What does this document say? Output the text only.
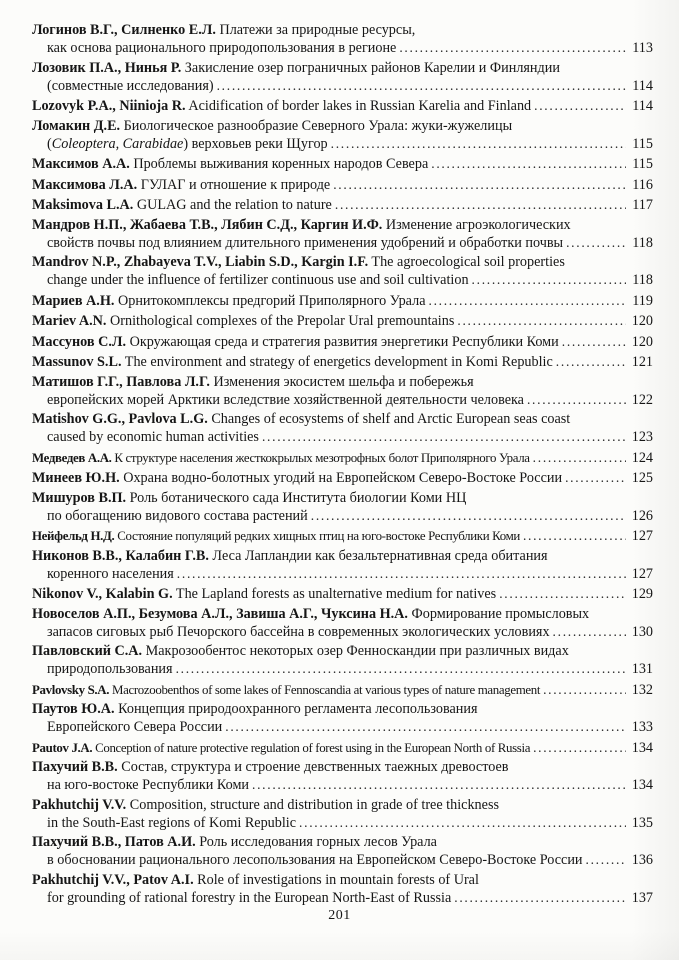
Логинов В.Г., Силненко Е.Л. Платежи за природные ресурсы,
как основа рационального природопользования в регионе .....	113
Лозовик П.А., Нинья Р. Закисление озер пограничных районов Карелии и Финляндии
(совместные исследования) .....	114
Lozovyk P.A., Niinioja R. Acidification of border lakes in Russian Karelia and Finland .....	114
Ломакин Д.Е. Биологическое разнообразие Северного Урала: жуки-жужелицы
( Coleoptera, Carabidae ) верховьев реки Щугор .....	115
Максимов А.А. Проблемы выживания коренных народов Севера .....	115
Максимова Л.А. ГУЛАГ и отношение к природе .....	116
Maksimova L.A. GULAG and the relation to nature .....	117
Мандров Н.П., Жабаева Т.В., Лябин С.Д., Каргин И.Ф. Изменение агроэкологических
свойств почвы под влиянием длительного применения удобрений и обработки почвы .....	118
Mandrov N.P., Zhabayeva T.V., Liabin S.D., Kargin I.F. The agroecological soil properties
change under the influence of fertilizer continuous use and soil cultivation .....	118
Мариев А.Н. Орнитокомплексы предгорий Приполярного Урала .....	119
Mariev A.N. Ornithological complexes of the Prepolar Ural premountains .....	120
Массунов С.Л. Окружающая среда и стратегия развития энергетики Республики Коми .....	120
Massunov S.L. The environment and strategy of energetics development in Komi Republic .....	121
Матишов Г.Г., Павлова Л.Г. Изменения экосистем шельфа и побережья
европейских морей Арктики вследствие хозяйственной деятельности человека .....	122
Matishov G.G., Pavlova L.G. Changes of ecosystems of shelf and Arctic European seas coast
caused by economic human activities .....	123
Медведев А.А. К структуре населения жесткокрылых мезотрофных болот Приполярного Урала .....	124
Минеев Ю.Н. Охрана водно-болотных угодий на Европейском Северо-Востоке России .....	125
Мишуров В.П. Роль ботанического сада Института биологии Коми НЦ
по обогащению видового состава растений .....	126
Нейфельд Н.Д. Состояние популяций редких хищных птиц на юго-востоке Республики Коми .....	127
Никонов В.В., Калабин Г.В. Леса Лапландии как безальтернативная среда обитания
коренного населения .....	127
Nikonov V., Kalabin G. The Lapland forests as unalternative medium for natives .....	129
Новоселов А.П., Безумова А.Л., Завиша А.Г., Чуксина Н.А. Формирование промысловых
запасов сиговых рыб Печорского бассейна в современных экологических условиях .....	130
Павловский С.А. Макрозообентос некоторых озер Фенноскандии при различных видах
природопользования .....	131
Pavlovsky S.A. Macrozoobenthos of some lakes of Fennoscandia at various types of nature management .....	132
Паутов Ю.А. Концепция природоохранного регламента лесопользования
Европейского Севера России .....	133
Pautov J.A. Conception of nature protective regulation of forest using in the European North of Russia .....	134
Пахучий В.В. Состав, структура и строение девственных таежных древостоев
на юго-востоке Республики Коми .....	134
Pakhutchij V.V. Composition, structure and distribution in grade of tree thickness
in the South-East regions of Komi Republic .....	135
Пахучий В.В., Патов А.И. Роль исследования горных лесов Урала
в обосновании рационального лесопользования на Европейском Северо-Востоке России .....	136
Pakhutchij V.V., Patov A.I. Role of investigations in mountain forests of Ural
for grounding of rational forestry in the European North-East of Russia .....	137
201
